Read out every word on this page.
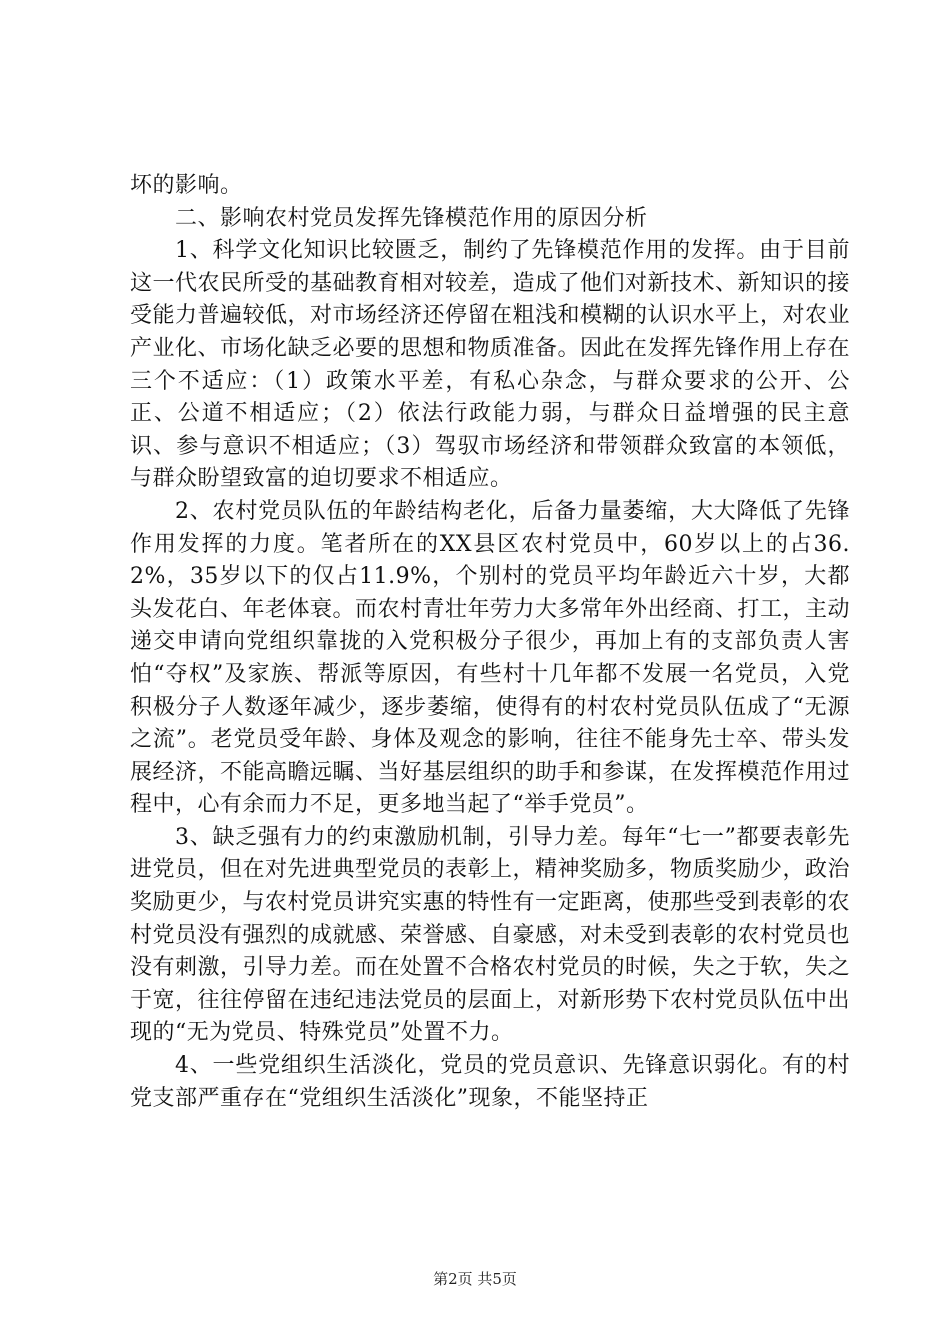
坏的影响。

二、影响农村党员发挥先锋模范作用的原因分析

1、科学文化知识比较匮乏，制约了先锋模范作用的发挥。由于目前这一代农民所受的基础教育相对较差，造成了他们对新技术、新知识的接受能力普遍较低，对市场经济还停留在粗浅和模糊的认识水平上，对农业产业化、市场化缺乏必要的思想和物质准备。因此在发挥先锋作用上存在三个不适应：（1）政策水平差，有私心杂念，与群众要求的公开、公正、公道不相适应；（2）依法行政能力弱，与群众日益增强的民主意识、参与意识不相适应；（3）驾驭市场经济和带领群众致富的本领低，与群众盼望致富的迫切要求不相适应。

2、农村党员队伍的年龄结构老化，后备力量萎缩，大大降低了先锋作用发挥的力度。笔者所在的XX县区农村党员中，60岁以上的占36.2%，35岁以下的仅占11.9%，个别村的党员平均年龄近六十岁，大都头发花白、年老体衰。而农村青壮年劳力大多常年外出经商、打工，主动递交申请向党组织靠拢的入党积极分子很少，再加上有的支部负责人害怕“夺权”及家族、帮派等原因，有些村十几年都不发展一名党员，入党积极分子人数逐年减少，逐步萎缩，使得有的村农村党员队伍成了“无源之流”。老党员受年龄、身体及观念的影响，往往不能身先士卒、带头发展经济，不能高瞻远瞩、当好基层组织的助手和参谋，在发挥模范作用过程中，心有余而力不足，更多地当起了“举手党员”。

3、缺乏强有力的约束激励机制，引导力差。每年“七一”都要表彰先进党员，但在对先进典型党员的表彰上，精神奖励多，物质奖励少，政治奖励更少，与农村党员讲究实惠的特性有一定距离，使那些受到表彰的农村党员没有强烈的成就感、荣誉感、自豪感，对未受到表彰的农村党员也没有刺激，引导力差。而在处置不合格农村党员的时候，失之于软，失之于宽，往往停留在违纪违法党员的层面上，对新形势下农村党员队伍中出现的“无为党员、特殊党员”处置不力。

4、一些党组织生活淡化，党员的党员意识、先锋意识弱化。有的村党支部严重存在“党组织生活淡化”现象，不能坚持正

第2页 共5页
